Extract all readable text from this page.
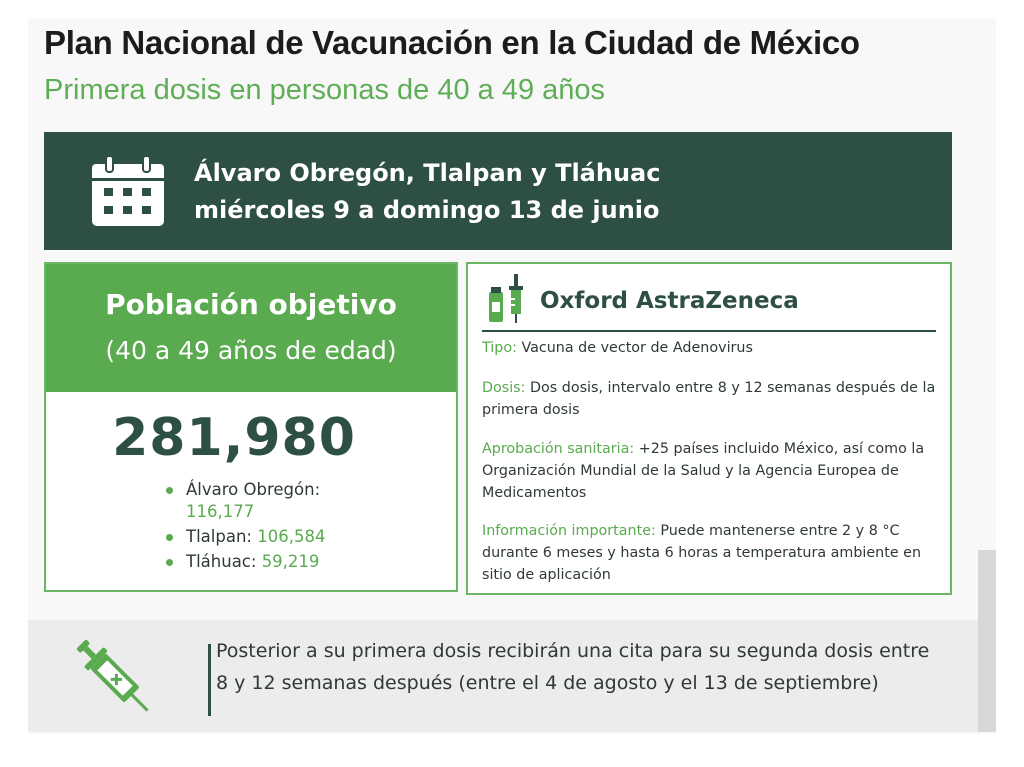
Plan Nacional de Vacunación en la Ciudad de México
Primera dosis en personas de 40 a 49 años
Álvaro Obregón, Tlalpan y Tláhuac
miércoles 9 a domingo 13 de junio
Población objetivo
(40 a 49 años de edad)
281,980
Álvaro Obregón:
116,177
Tlalpan: 106,584
Tláhuac: 59,219
Oxford AstraZeneca
Tipo: Vacuna de vector de Adenovirus
Dosis: Dos dosis, intervalo entre 8 y 12 semanas después de la primera dosis
Aprobación sanitaria: +25 países incluido México, así como la Organización Mundial de la Salud y la Agencia Europea de Medicamentos
Información importante: Puede mantenerse entre 2 y 8 °C durante 6 meses y hasta 6 horas a temperatura ambiente en sitio de aplicación
Posterior a su primera dosis recibirán una cita para su segunda dosis entre 8 y 12 semanas después (entre el 4 de agosto y el 13 de septiembre)
